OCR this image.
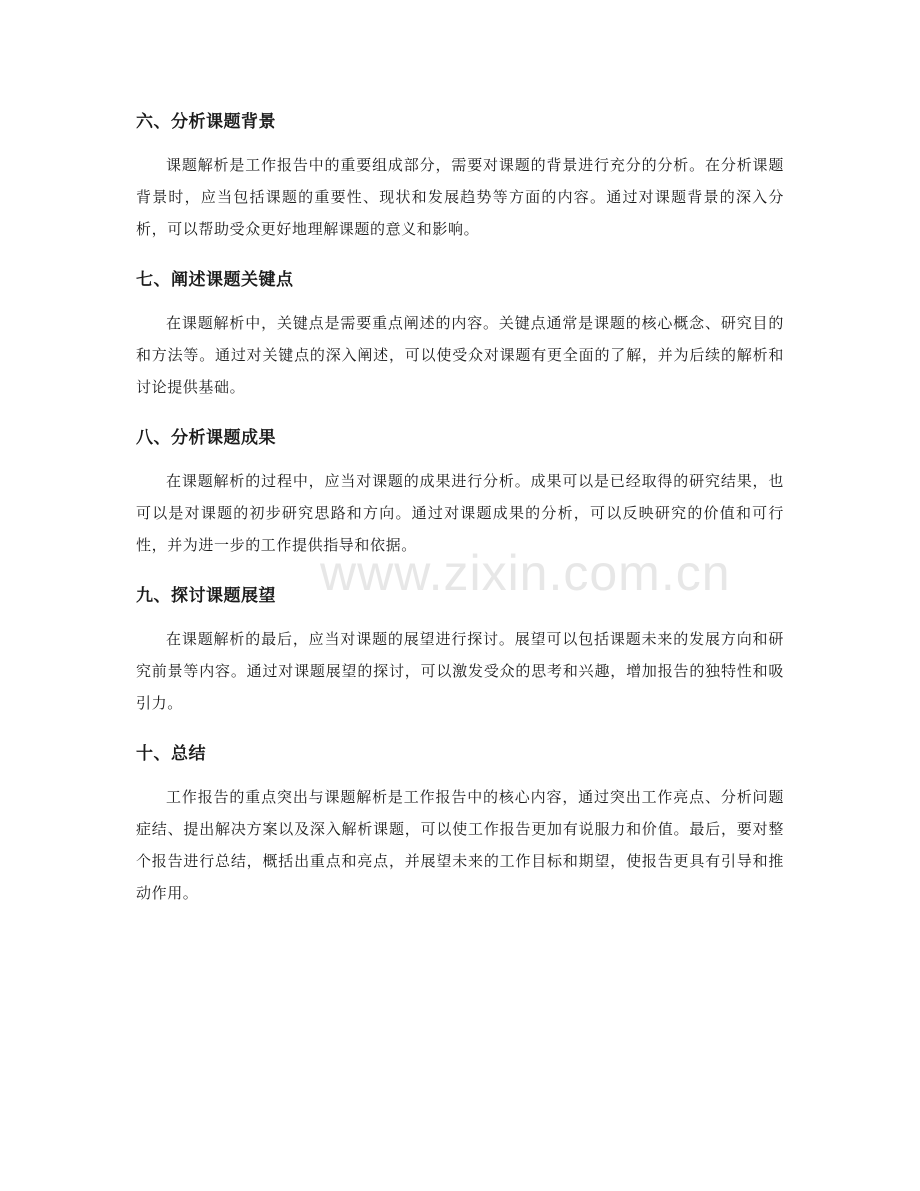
六、分析课题背景
课题解析是工作报告中的重要组成部分，需要对课题的背景进行充分的分析。在分析课题背景时，应当包括课题的重要性、现状和发展趋势等方面的内容。通过对课题背景的深入分析，可以帮助受众更好地理解课题的意义和影响。
七、阐述课题关键点
在课题解析中，关键点是需要重点阐述的内容。关键点通常是课题的核心概念、研究目的和方法等。通过对关键点的深入阐述，可以使受众对课题有更全面的了解，并为后续的解析和讨论提供基础。
八、分析课题成果
在课题解析的过程中，应当对课题的成果进行分析。成果可以是已经取得的研究结果，也可以是对课题的初步研究思路和方向。通过对课题成果的分析，可以反映研究的价值和可行性，并为进一步的工作提供指导和依据。
九、探讨课题展望
在课题解析的最后，应当对课题的展望进行探讨。展望可以包括课题未来的发展方向和研究前景等内容。通过对课题展望的探讨，可以激发受众的思考和兴趣，增加报告的独特性和吸引力。
十、总结
工作报告的重点突出与课题解析是工作报告中的核心内容，通过突出工作亮点、分析问题症结、提出解决方案以及深入解析课题，可以使工作报告更加有说服力和价值。最后，要对整个报告进行总结，概括出重点和亮点，并展望未来的工作目标和期望，使报告更具有引导和推动作用。
www.zixin.com.cn
